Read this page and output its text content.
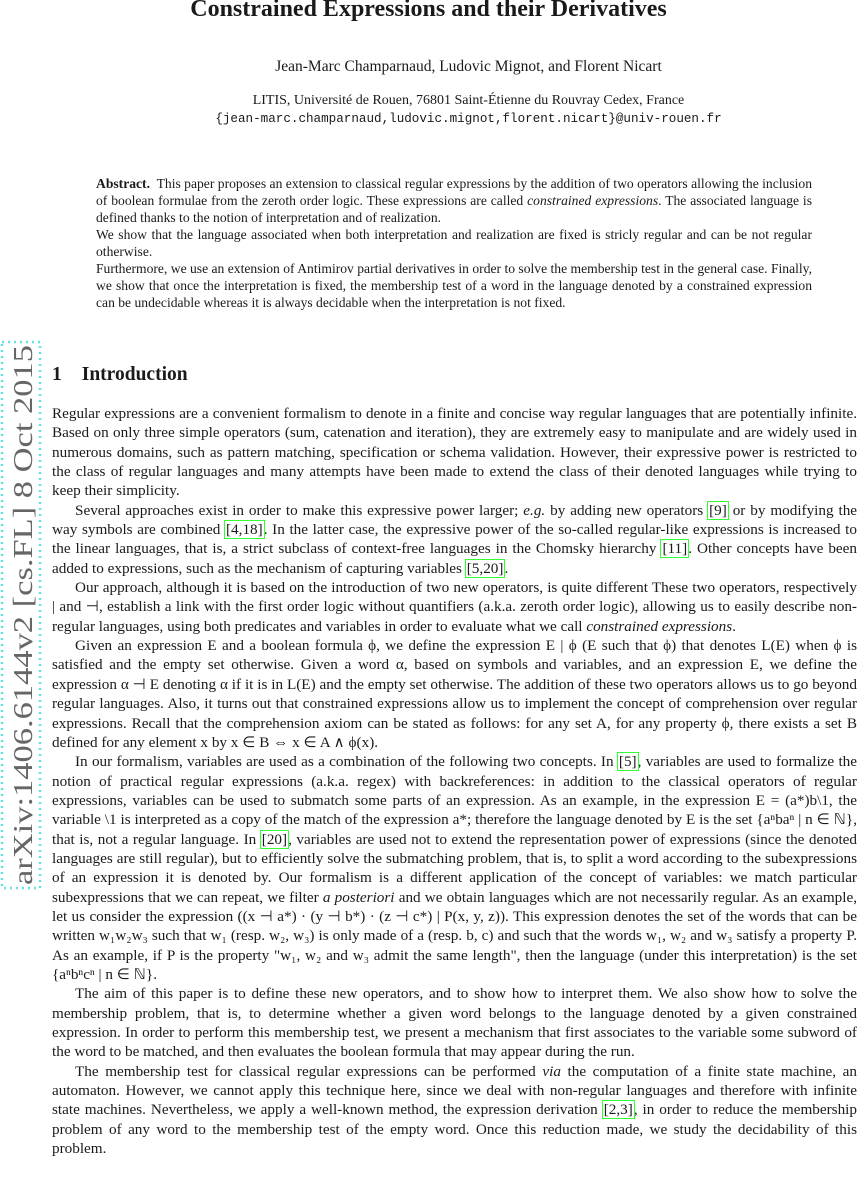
Constrained Expressions and their Derivatives
Jean-Marc Champarnaud, Ludovic Mignot, and Florent Nicart
LITIS, Université de Rouen, 76801 Saint-Étienne du Rouvray Cedex, France
{jean-marc.champarnaud,ludovic.mignot,florent.nicart}@univ-rouen.fr

Abstract. This paper proposes an extension to classical regular expressions by the addition of two operators allowing the inclusion of boolean formulae from the zeroth order logic. These expressions are called constrained expressions. The associated language is defined thanks to the notion of interpretation and of realization.

We show that the language associated when both interpretation and realization are fixed is stricly regular and can be not regular otherwise.

Furthermore, we use an extension of Antimirov partial derivatives in order to solve the membership test in the general case. Finally, we show that once the interpretation is fixed, the membership test of a word in the language denoted by a constrained expression can be undecidable whereas it is always decidable when the interpretation is not fixed.

arXiv:1406.6144v2 [cs.FL] 8 Oct 2015
1 Introduction

Regular expressions are a convenient formalism to denote in a finite and concise way regular languages that are potentially infinite. Based on only three simple operators (sum, catenation and iteration), they are extremely easy to manipulate and are widely used in numerous domains, such as pattern matching, specification or schema validation. However, their expressive power is restricted to the class of regular languages and many attempts have been made to extend the class of their denoted languages while trying to keep their simplicity.

Several approaches exist in order to make this expressive power larger; e.g. by adding new operators [9] or by modifying the way symbols are combined [4,18]. In the latter case, the expressive power of the so-called regular-like expressions is increased to the linear languages, that is, a strict subclass of context-free languages in the Chomsky hierarchy [11]. Other concepts have been added to expressions, such as the mechanism of capturing variables [5,20].

Our approach, although it is based on the introduction of two new operators, is quite different These two operators, respectively | and ⊣, establish a link with the first order logic without quantifiers (a.k.a. zeroth order logic), allowing us to easily describe non-regular languages, using both predicates and variables in order to evaluate what we call constrained expressions.

Given an expression E and a boolean formula ϕ, we define the expression E | ϕ (E such that ϕ) that denotes L(E) when ϕ is satisfied and the empty set otherwise. Given a word α, based on symbols and variables, and an expression E, we define the expression α ⊣ E denoting α if it is in L(E) and the empty set otherwise. The addition of these two operators allows us to go beyond regular languages. Also, it turns out that constrained expressions allow us to implement the concept of comprehension over regular expressions. Recall that the comprehension axiom can be stated as follows: for any set A, for any property ϕ, there exists a set B defined for any element x by x ∈ B ⇔ x ∈ A ∧ ϕ(x).

In our formalism, variables are used as a combination of the following two concepts. In [5], variables are used to formalize the notion of practical regular expressions (a.k.a. regex) with backreferences: in addition to the classical operators of regular expressions, variables can be used to submatch some parts of an expression. As an example, in the expression E = (a*)b\1, the variable \1 is interpreted as a copy of the match of the expression a*; therefore the language denoted by E is the set {aⁿbaⁿ | n ∈ ℕ}, that is, not a regular language. In [20], variables are used not to extend the representation power of expressions (since the denoted languages are still regular), but to efficiently solve the submatching problem, that is, to split a word according to the subexpressions of an expression it is denoted by. Our formalism is a different application of the concept of variables: we match particular subexpressions that we can repeat, we filter a posteriori and we obtain languages which are not necessarily regular. As an example, let us consider the expression ((x ⊣ a*) · (y ⊣ b*) · (z ⊣ c*) | P(x, y, z)). This expression denotes the set of the words that can be written w₁w₂w₃ such that w₁ (resp. w₂, w₃) is only made of a (resp. b, c) and such that the words w₁, w₂ and w₃ satisfy a property P. As an example, if P is the property "w₁, w₂ and w₃ admit the same length", then the language (under this interpretation) is the set {aⁿbⁿcⁿ | n ∈ ℕ}.

The aim of this paper is to define these new operators, and to show how to interpret them. We also show how to solve the membership problem, that is, to determine whether a given word belongs to the language denoted by a given constrained expression. In order to perform this membership test, we present a mechanism that first associates to the variable some subword of the word to be matched, and then evaluates the boolean formula that may appear during the run.

The membership test for classical regular expressions can be performed via the computation of a finite state machine, an automaton. However, we cannot apply this technique here, since we deal with non-regular languages and therefore with infinite state machines. Nevertheless, we apply a well-known method, the expression derivation [2,3], in order to reduce the membership problem of any word to the membership test of the empty word. Once this reduction made, we study the decidability of this problem.
